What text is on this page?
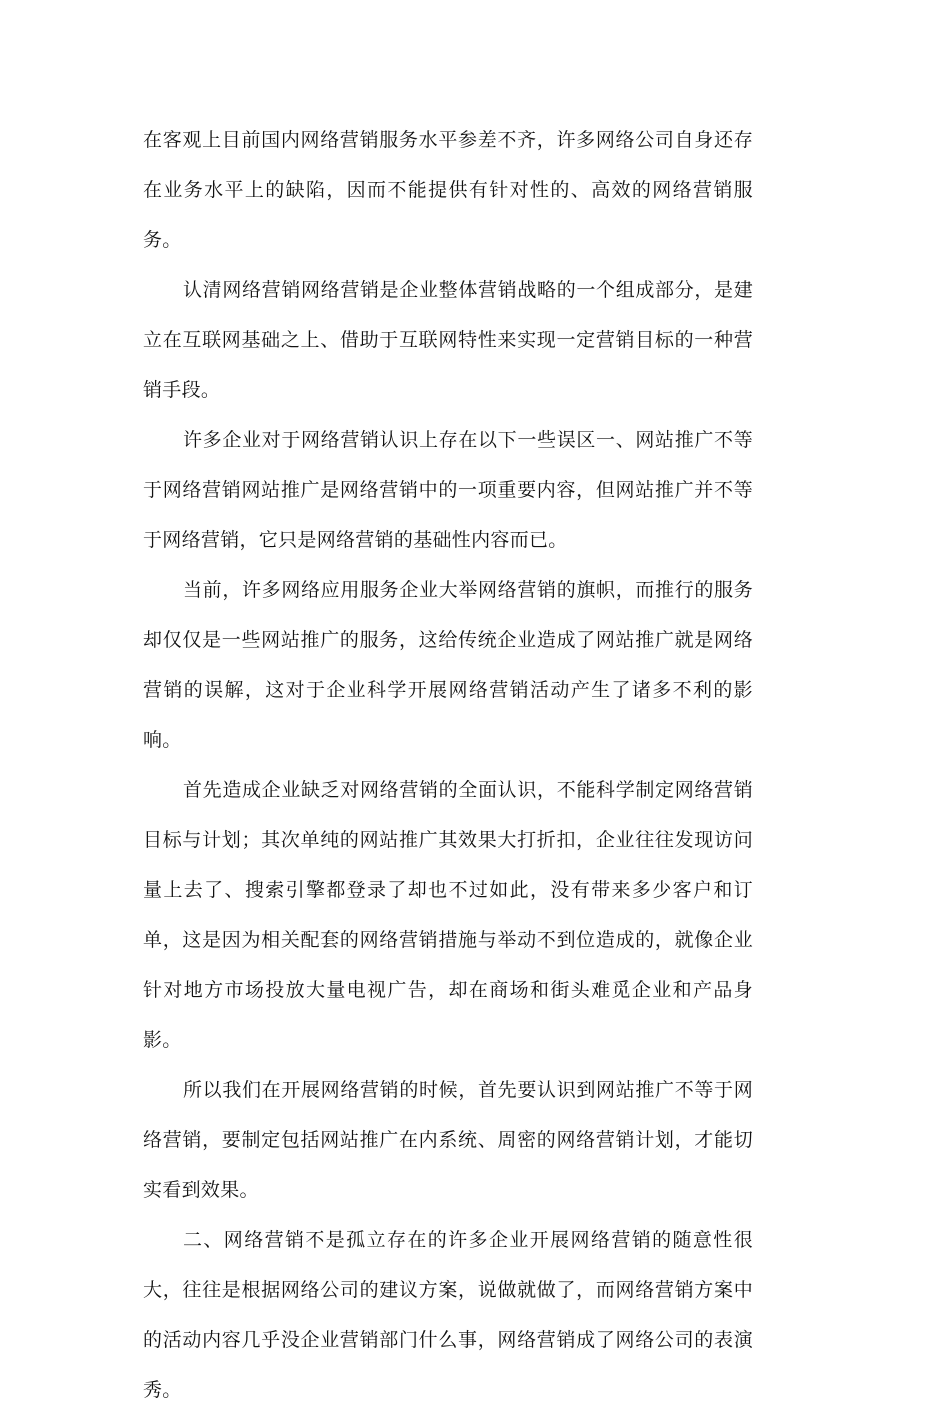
在客观上目前国内网络营销服务水平参差不齐，许多网络公司自身还存在业务水平上的缺陷，因而不能提供有针对性的、高效的网络营销服务。

认清网络营销网络营销是企业整体营销战略的一个组成部分，是建立在互联网基础之上、借助于互联网特性来实现一定营销目标的一种营销手段。

许多企业对于网络营销认识上存在以下一些误区一、网站推广不等于网络营销网站推广是网络营销中的一项重要内容，但网站推广并不等于网络营销，它只是网络营销的基础性内容而已。

当前，许多网络应用服务企业大举网络营销的旗帜，而推行的服务却仅仅是一些网站推广的服务，这给传统企业造成了网站推广就是网络营销的误解，这对于企业科学开展网络营销活动产生了诸多不利的影响。

首先造成企业缺乏对网络营销的全面认识，不能科学制定网络营销目标与计划；其次单纯的网站推广其效果大打折扣，企业往往发现访问量上去了、搜索引擎都登录了却也不过如此，没有带来多少客户和订单，这是因为相关配套的网络营销措施与举动不到位造成的，就像企业针对地方市场投放大量电视广告，却在商场和街头难觅企业和产品身影。

所以我们在开展网络营销的时候，首先要认识到网站推广不等于网络营销，要制定包括网站推广在内系统、周密的网络营销计划，才能切实看到效果。

二、网络营销不是孤立存在的许多企业开展网络营销的随意性很大，往往是根据网络公司的建议方案，说做就做了，而网络营销方案中的活动内容几乎没企业营销部门什么事，网络营销成了网络公司的表演秀。
